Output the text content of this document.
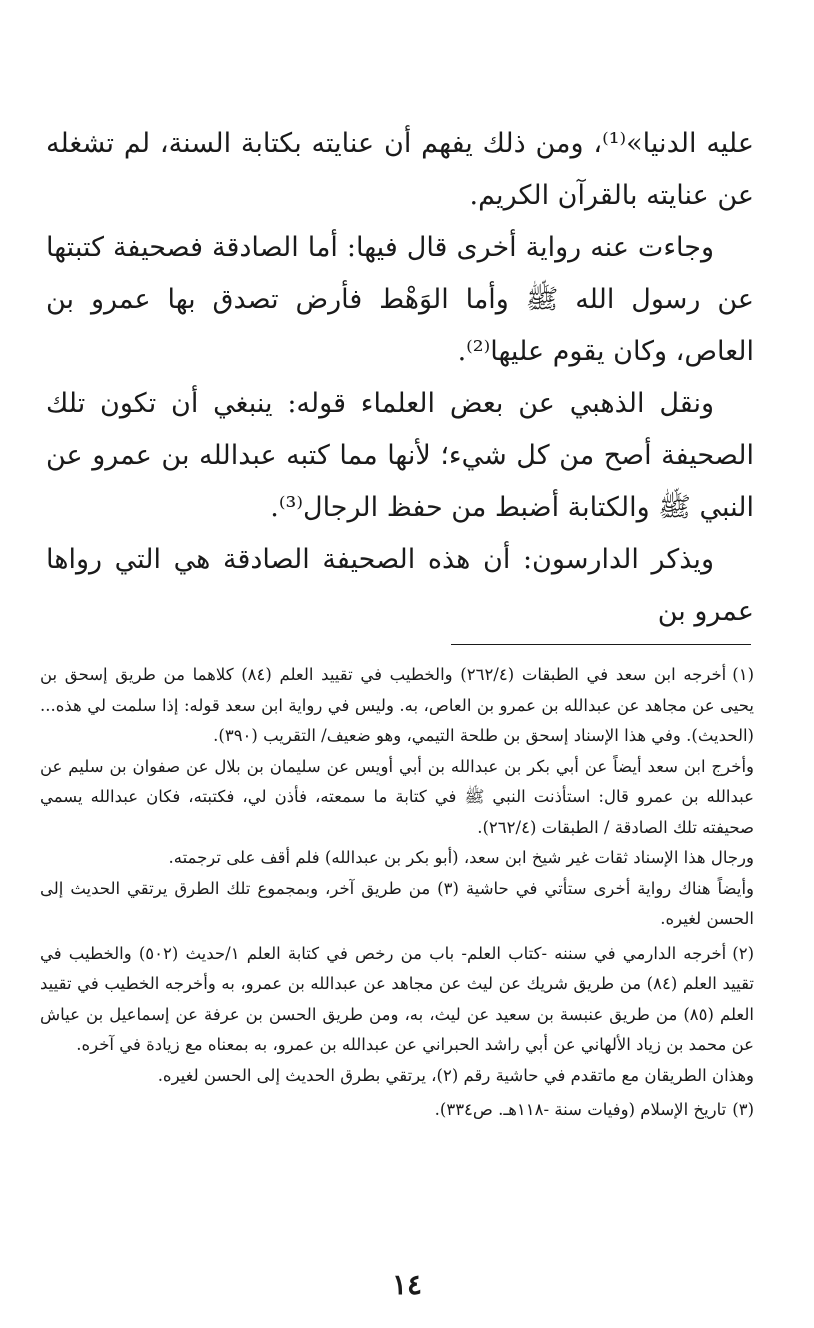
عليه الدنيا»⁽¹⁾، ومن ذلك يفهم أن عنايته بكتابة السنة، لم تشغله عن عنايته بالقرآن الكريم.

وجاءت عنه رواية أخرى قال فيها: أما الصادقة فصحيفة كتبتها عن رسول الله ﷺ وأما الوَهْط فأرض تصدق بها عمرو بن العاص، وكان يقوم عليها⁽²⁾.

ونقل الذهبي عن بعض العلماء قوله: ينبغي أن تكون تلك الصحيفة أصح من كل شيء؛ لأنها مما كتبه عبدالله بن عمرو عن النبي ﷺ والكتابة أضبط من حفظ الرجال⁽³⁾.

ويذكر الدارسون: أن هذه الصحيفة الصادقة هي التي رواها عمرو بن

(١)أخرجه ابن سعد في الطبقات (٢٦٢/٤) والخطيب في تقييد العلم (٨٤) كلاهما من طريق إسحق بن يحيى عن مجاهد عن عبدالله بن عمرو بن العاص، به. وليس في رواية ابن سعد قوله: إذا سلمت لي هذه...(الحديث). وفي هذا الإسناد إسحق بن طلحة التيمي، وهو ضعيف/ التقريب (٣٩٠).

وأخرج ابن سعد أيضاً عن أبي بكر بن عبدالله بن أبي أويس عن سليمان بن بلال عن صفوان بن سليم عن عبدالله بن عمرو قال: استأذنت النبي ﷺ في كتابة ما سمعته، فأذن لي، فكتبته، فكان عبدالله يسمي صحيفته تلك الصادقة / الطبقات (٢٦٢/٤).

ورجال هذا الإسناد ثقات غير شيخ ابن سعد، (أبو بكر بن عبدالله) فلم أقف على ترجمته.

وأيضاً هناك رواية أخرى ستأتي في حاشية (٣) من طريق آخر، وبمجموع تلك الطرق يرتقي الحديث إلى الحسن لغيره.

(٢)أخرجه الدارمي في سننه -كتاب العلم- باب من رخص في كتابة العلم ١/حديث (٥٠٢) والخطيب في تقييد العلم (٨٤) من طريق شريك عن ليث عن مجاهد عن عبدالله بن عمرو، به وأخرجه الخطيب في تقييد العلم (٨٥) من طريق عنبسة بن سعيد عن ليث، به، ومن طريق الحسن بن عرفة عن إسماعيل بن عياش عن محمد بن زياد الألهاني عن أبي راشد الحبراني عن عبدالله بن عمرو، به بمعناه مع زيادة في آخره.

وهذان الطريقان مع ماتقدم في حاشية رقم (٢)، يرتقي بطرق الحديث إلى الحسن لغيره.

(٣)تاريخ الإسلام (وفيات سنة -١١٨هـ. ص٣٣٤).

١٤
